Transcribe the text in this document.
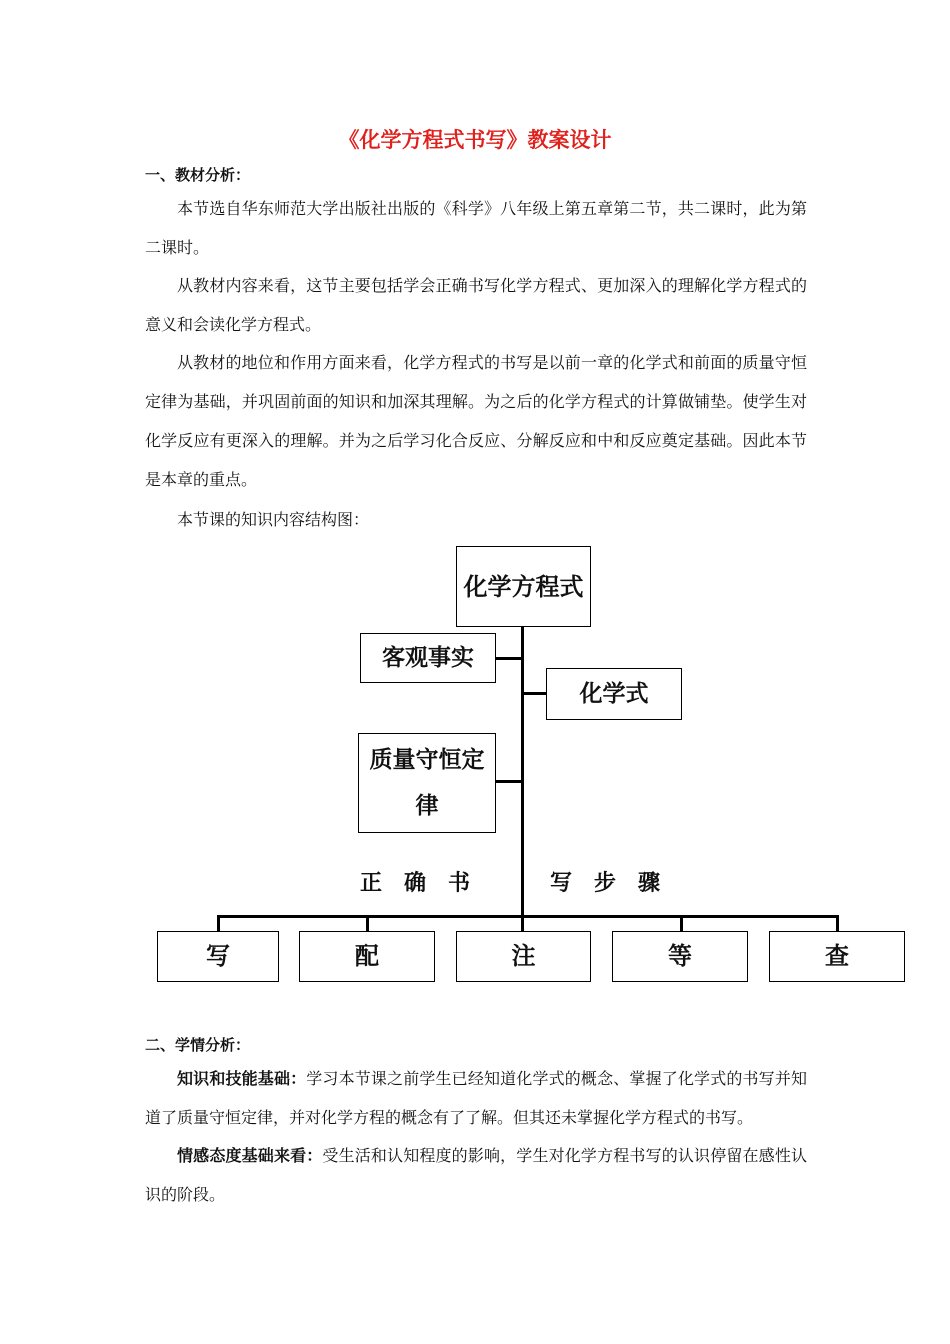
《化学方程式书写》教案设计
一、教材分析：

本节选自华东师范大学出版社出版的《科学》八年级上第五章第二节，共二课时，此为第二课时。

从教材内容来看，这节主要包括学会正确书写化学方程式、更加深入的理解化学方程式的意义和会读化学方程式。

从教材的地位和作用方面来看，化学方程式的书写是以前一章的化学式和前面的质量守恒定律为基础，并巩固前面的知识和加深其理解。为之后的化学方程式的计算做铺垫。使学生对化学反应有更深入的理解。并为之后学习化合反应、分解反应和中和反应奠定基础。因此本节是本章的重点。

本节课的知识内容结构图：

化学方程式
客观事实
化学式
质量守恒定律
正确书	写步骤
写	配	注	等	查
二、学情分析：

知识和技能基础：学习本节课之前学生已经知道化学式的概念、掌握了化学式的书写并知道了质量守恒定律，并对化学方程的概念有了了解。但其还未掌握化学方程式的书写。

情感态度基础来看：受生活和认知程度的影响，学生对化学方程书写的认识停留在感性认识的阶段。
